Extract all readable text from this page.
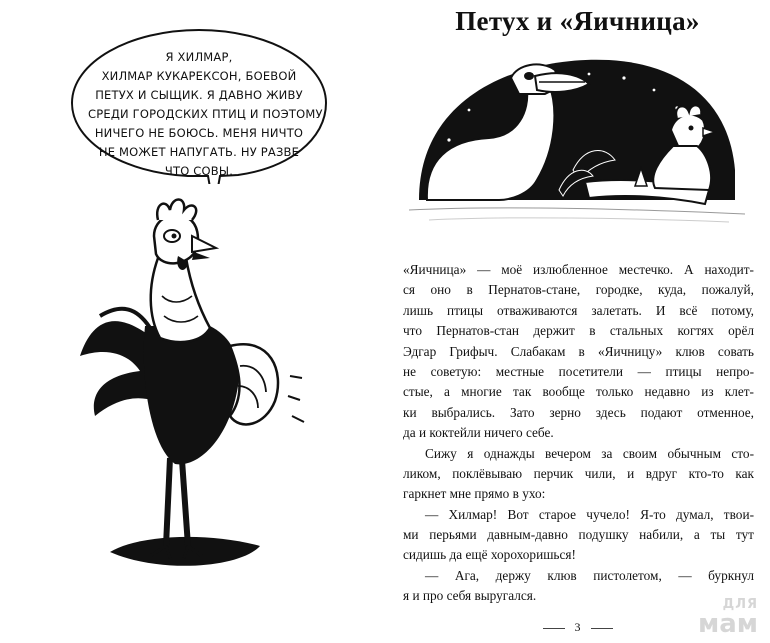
Я ХИЛМАР,
ХИЛМАР КУКАРЕКСОН, БОЕВОЙ
ПЕТУХ И СЫЩИК. Я ДАВНО ЖИВУ
СРЕДИ ГОРОДСКИХ ПТИЦ И ПОЭТОМУ
НИЧЕГО НЕ БОЮСЬ. МЕНЯ НИЧТО
НЕ МОЖЕТ НАПУГАТЬ. НУ РАЗВЕ
ЧТО СОВЫ.
Петух и «Яичница»
«Яичница» — моё излюбленное местечко. А находит-
ся оно в Пернатов-стане, городке, куда, пожалуй,
лишь птицы отваживаются залетать. И всё потому,
что Пернатов-стан держит в стальных когтях орёл
Эдгар Грифыч. Слабакам в «Яичницу» клюв совать
не советую: местные посетители — птицы непро-
стые, а многие так вообще только недавно из клет-
ки выбрались. Зато зерно здесь подают отменное,
да и коктейли ничего себе.
Сижу я однажды вечером за своим обычным сто-
ликом, поклёвываю перчик чили, и вдруг кто-то как
гаркнет мне прямо в ухо:
— Хилмар! Вот старое чучело! Я-то думал, твои-
ми перьями давным-давно подушку набили, а ты тут
сидишь да ещё хорохоришься!
— Ага, держу клюв пистолетом, — буркнул
я и про себя выругался.
3
ДЛЯ
мам
